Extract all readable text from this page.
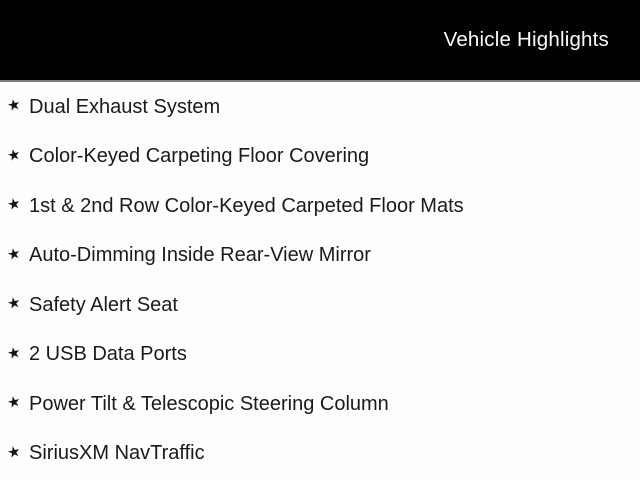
Vehicle Highlights
★ Dual Exhaust System
★ Color-Keyed Carpeting Floor Covering
★ 1st & 2nd Row Color-Keyed Carpeted Floor Mats
★ Auto-Dimming Inside Rear-View Mirror
★ Safety Alert Seat
★ 2 USB Data Ports
★ Power Tilt & Telescopic Steering Column
★ SiriusXM NavTraffic
